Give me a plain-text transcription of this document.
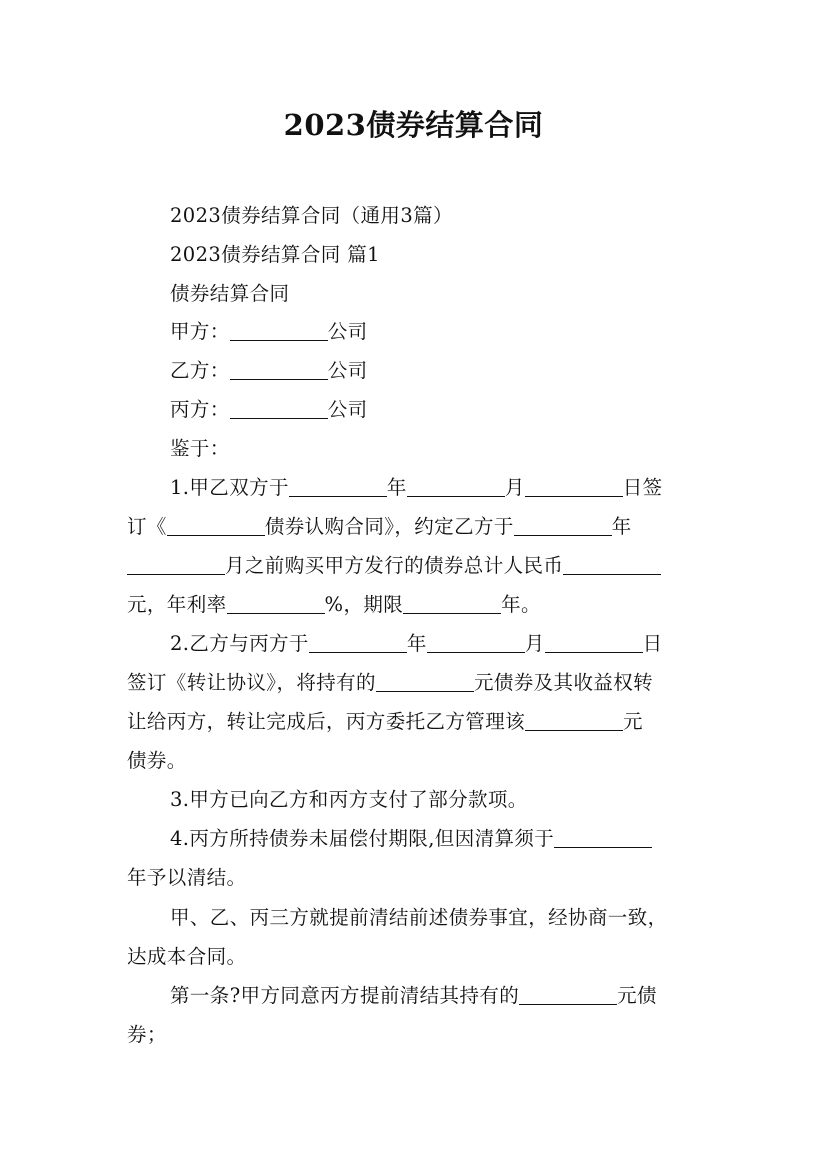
2023债券结算合同
2023债券结算合同（通用3篇）
2023债券结算合同 篇1
债券结算合同
甲方：	公司
乙方：	公司
丙方：	公司
鉴于：
1.甲乙双方于	年	月	日签
订《	债券认购合同》，约定乙方于	年
月之前购买甲方发行的债券总计人民币
元，年利率	%，期限	年。
2.乙方与丙方于	年	月	日
签订《转让协议》，将持有的	元债券及其收益权转
让给丙方，转让完成后，丙方委托乙方管理该	元
债券。
3.甲方已向乙方和丙方支付了部分款项。
4.丙方所持债券未届偿付期限,但因清算须于
年予以清结。
甲、乙、丙三方就提前清结前述债券事宜，经协商一致，
达成本合同。
第一条?甲方同意丙方提前清结其持有的	元债
券；
